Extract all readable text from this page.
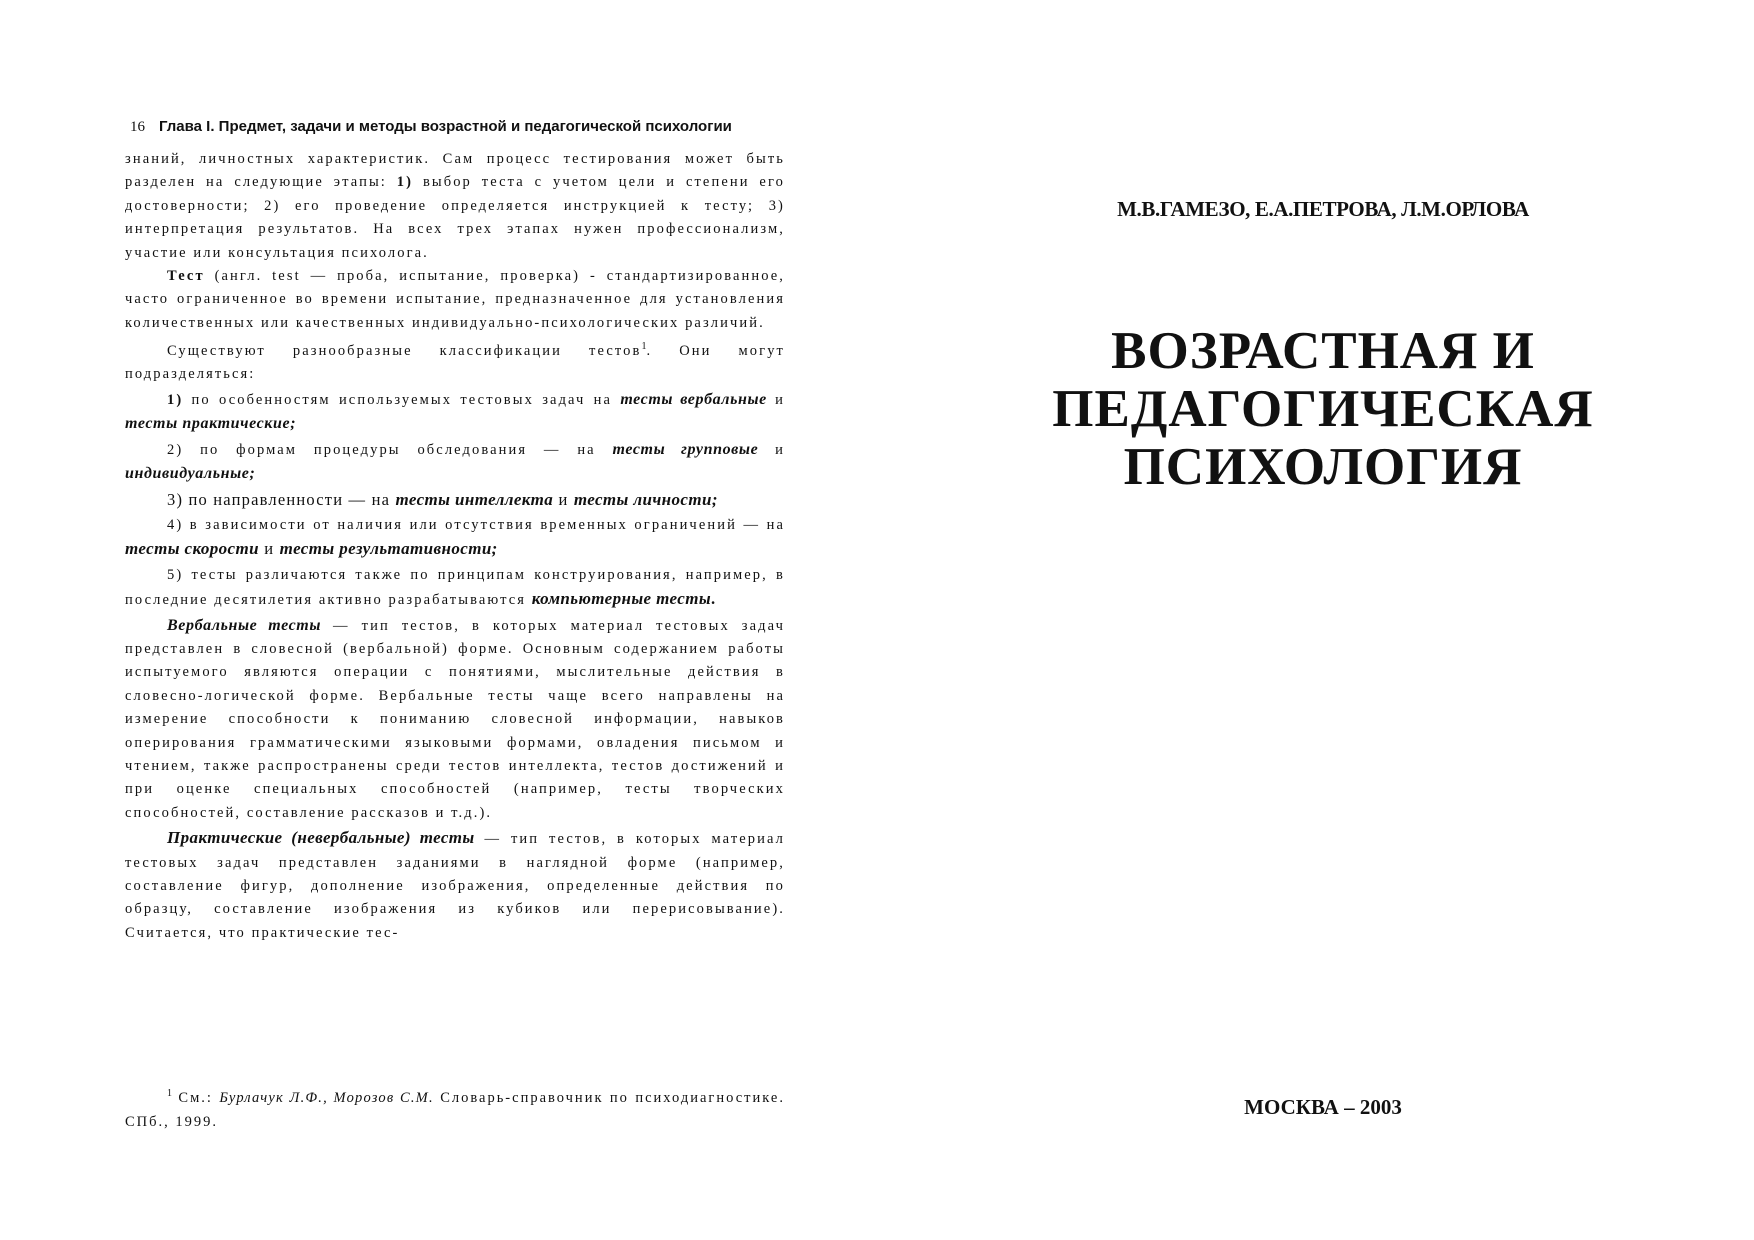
16 Глава I. Предмет, задачи и методы возрастной и педагогической психологии

знаний, личностных характеристик. Сам процесс тестирования может быть разделен на следующие этапы: 1) выбор теста с учетом цели и степени его достоверности; 2) его проведение определяется инструкцией к тесту; 3) интерпретация результатов. На всех трех этапах нужен профессионализм, участие или консультация психолога.

Тест (англ. test — проба, испытание, проверка) - стандартизированное, часто ограниченное во времени испытание, предназначенное для установления количественных или качественных индивидуально-психологических различий.

Существуют разнообразные классификации тестов$^1$. Они могут подразделяться:

1) по особенностям используемых тестовых задач на тесты вербальные и тесты практические;

2) по формам процедуры обследования — на тесты групповые и индивидуальные;

3) по направленности — на тесты интеллекта и тесты личности;

4) в зависимости от наличия или отсутствия временных ограничений — на тесты скорости и тесты результативности;

5) тесты различаются также по принципам конструирования, например, в последние десятилетия активно разрабатываются компьютерные тесты.

Вербальные тесты — тип тестов, в которых материал тестовых задач представлен в словесной (вербальной) форме. Основным содержанием работы испытуемого являются операции с понятиями, мыслительные действия в словесно-логической форме. Вербальные тесты чаще всего направлены на измерение способности к пониманию словесной информации, навыков оперирования грамматическими языковыми формами, овладения письмом и чтением, также распространены среди тестов интеллекта, тестов достижений и при оценке специальных способностей (например, тесты творческих способностей, составление рассказов и т.д.).

Практические (невербальные) тесты — тип тестов, в которых материал тестовых задач представлен заданиями в наглядной форме (например, составление фигур, дополнение изображения, определенные действия по образцу, составление изображения из кубиков или перерисовывание). Считается, что практические тес-

$^1$ См.: Бурлачук Л.Ф., Морозов С.М. Словарь-справочник по психодиагностике. СПб., 1999.

М.В.ГАМЕЗО, Е.А.ПЕТРОВА, Л.М.ОРЛОВА
ВОЗРАСТНАЯ И
ПЕДАГОГИЧЕСКАЯ
ПСИХОЛОГИЯ
МОСКВА – 2003
